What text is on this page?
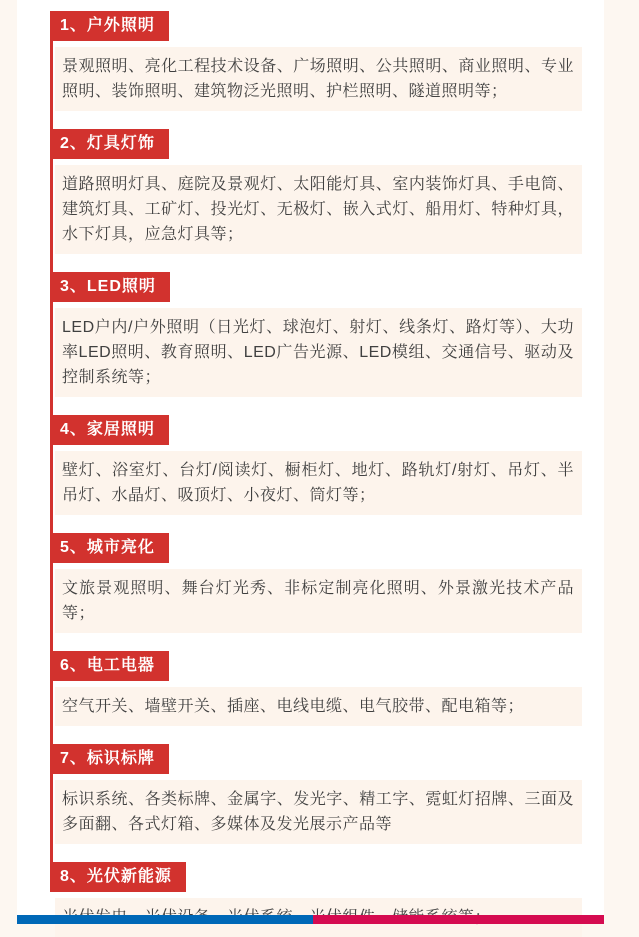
1、户外照明
景观照明、亮化工程技术设备、广场照明、公共照明、商业照明、专业照明、装饰照明、建筑物泛光照明、护栏照明、隧道照明等；
2、灯具灯饰
道路照明灯具、庭院及景观灯、太阳能灯具、室内装饰灯具、手电筒、建筑灯具、工矿灯、投光灯、无极灯、嵌入式灯、船用灯、特种灯具，水下灯具，应急灯具等；
3、LED照明
LED户内/户外照明（日光灯、球泡灯、射灯、线条灯、路灯等）、大功率LED照明、教育照明、LED广告光源、LED模组、交通信号、驱动及控制系统等；
4、家居照明
壁灯、浴室灯、台灯/阅读灯、橱柜灯、地灯、路轨灯/射灯、吊灯、半吊灯、水晶灯、吸顶灯、小夜灯、筒灯等；
5、城市亮化
文旅景观照明、舞台灯光秀、非标定制亮化照明、外景激光技术产品等；
6、电工电器
空气开关、墙壁开关、插座、电线电缆、电气胶带、配电箱等；
7、标识标牌
标识系统、各类标牌、金属字、发光字、精工字、霓虹灯招牌、三面及多面翻、各式灯箱、多媒体及发光展示产品等
8、光伏新能源
